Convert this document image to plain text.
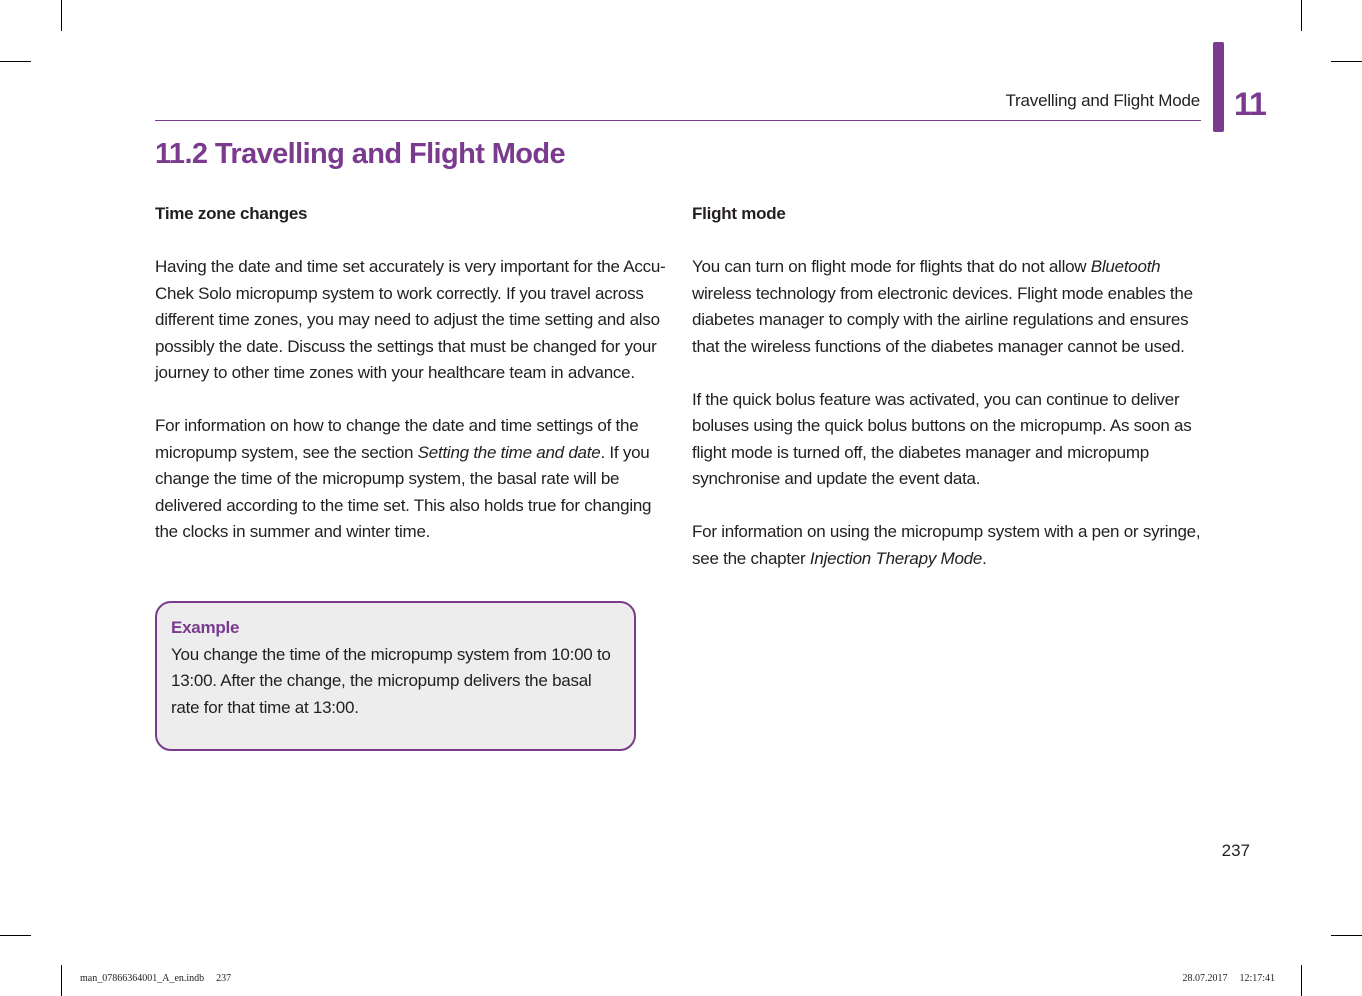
Travelling and Flight Mode 11
11.2 Travelling and Flight Mode
Time zone changes

Having the date and time set accurately is very important for the Accu-Chek Solo micropump system to work correctly. If you travel across different time zones, you may need to adjust the time setting and also possibly the date. Discuss the settings that must be changed for your journey to other time zones with your healthcare team in advance.

For information on how to change the date and time settings of the micropump system, see the section Setting the time and date. If you change the time of the micropump system, the basal rate will be delivered according to the time set. This also holds true for changing the clocks in summer and winter time.

Example
You change the time of the micropump system from 10:00 to 13:00. After the change, the micropump delivers the basal rate for that time at 13:00.
Flight mode

You can turn on flight mode for flights that do not allow Bluetooth wireless technology from electronic devices. Flight mode enables the diabetes manager to comply with the airline regulations and ensures that the wireless functions of the diabetes manager cannot be used.

If the quick bolus feature was activated, you can continue to deliver boluses using the quick bolus buttons on the micropump. As soon as flight mode is turned off, the diabetes manager and micropump synchronise and update the event data.

For information on using the micropump system with a pen or syringe, see the chapter Injection Therapy Mode.

237
man_07866364001_A_en.indb 237	28.07.2017 12:17:41
